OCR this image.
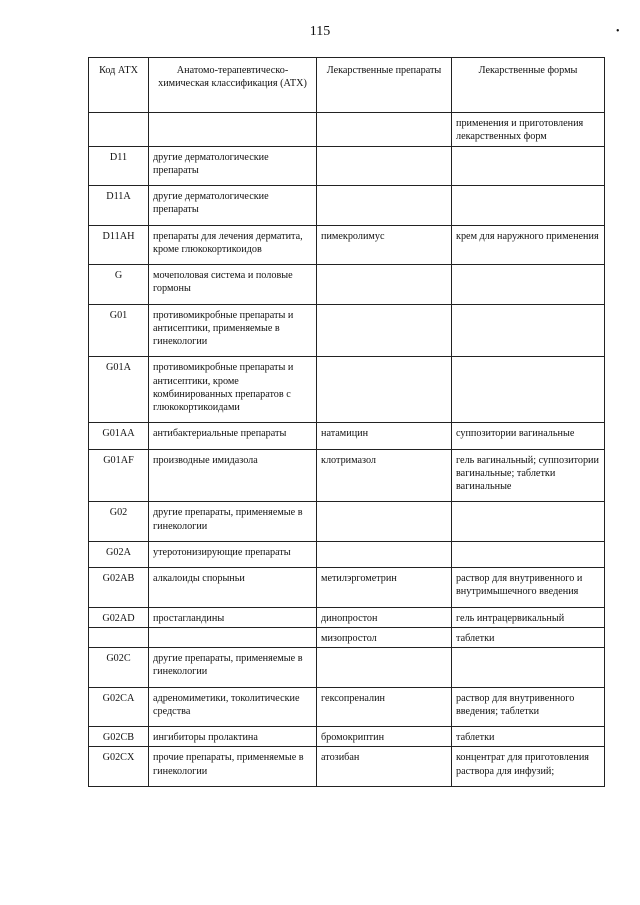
115	•
Код АТХ	Анатомо-терапевтическо-химическая классификация (АТХ)	Лекарственные препараты	Лекарственные формы
			применения и приготовления лекарственных форм
D11	другие дерматологические препараты		
D11A	другие дерматологические препараты		
D11AH	препараты для лечения дерматита, кроме глюкокортикоидов	пимекролимус	крем для наружного применения
G	мочеполовая система и половые гормоны		
G01	противомикробные препараты и антисептики, применяемые в гинекологии		
G01A	противомикробные препараты и антисептики, кроме комбинированных препаратов с глюкокортикоидами		
G01AA	антибактериальные препараты	натамицин	суппозитории вагинальные
G01AF	производные имидазола	клотримазол	гель вагинальный; суппозитории вагинальные; таблетки вагинальные
G02	другие препараты, применяемые в гинекологии		
G02A	утеротонизирующие препараты		
G02AB	алкалоиды спорыньи	метилэргометрин	раствор для внутривенного и внутримышечного введения
G02AD	простагландины	динопростон	гель интрацервикальный
		мизопростол	таблетки
G02C	другие препараты, применяемые в гинекологии		
G02CA	адреномиметики, токолитические средства	гексопреналин	раствор для внутривенного введения; таблетки
G02CB	ингибиторы пролактина	бромокриптин	таблетки
G02CX	прочие препараты, применяемые в гинекологии	атозибан	концентрат для приготовления раствора для инфузий;
